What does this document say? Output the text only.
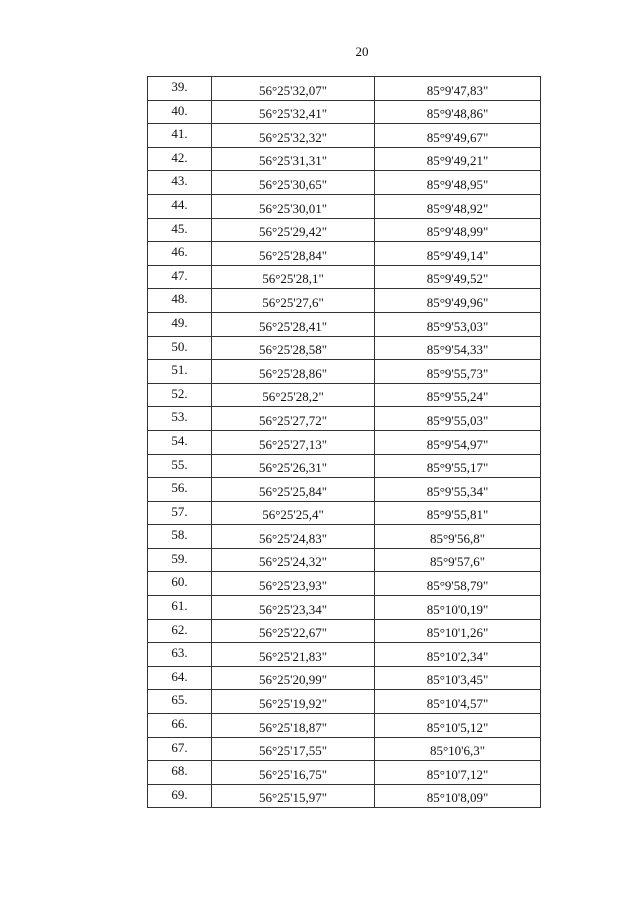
20
39.	56°25'32,07"	85°9'47,83"
40.	56°25'32,41"	85°9'48,86"
41.	56°25'32,32"	85°9'49,67"
42.	56°25'31,31"	85°9'49,21"
43.	56°25'30,65"	85°9'48,95"
44.	56°25'30,01"	85°9'48,92"
45.	56°25'29,42"	85°9'48,99"
46.	56°25'28,84"	85°9'49,14"
47.	56°25'28,1"	85°9'49,52"
48.	56°25'27,6"	85°9'49,96"
49.	56°25'28,41"	85°9'53,03"
50.	56°25'28,58"	85°9'54,33"
51.	56°25'28,86"	85°9'55,73"
52.	56°25'28,2"	85°9'55,24"
53.	56°25'27,72"	85°9'55,03"
54.	56°25'27,13"	85°9'54,97"
55.	56°25'26,31"	85°9'55,17"
56.	56°25'25,84"	85°9'55,34"
57.	56°25'25,4"	85°9'55,81"
58.	56°25'24,83"	85°9'56,8"
59.	56°25'24,32"	85°9'57,6"
60.	56°25'23,93"	85°9'58,79"
61.	56°25'23,34"	85°10'0,19"
62.	56°25'22,67"	85°10'1,26"
63.	56°25'21,83"	85°10'2,34"
64.	56°25'20,99"	85°10'3,45"
65.	56°25'19,92"	85°10'4,57"
66.	56°25'18,87"	85°10'5,12"
67.	56°25'17,55"	85°10'6,3"
68.	56°25'16,75"	85°10'7,12"
69.	56°25'15,97"	85°10'8,09"
